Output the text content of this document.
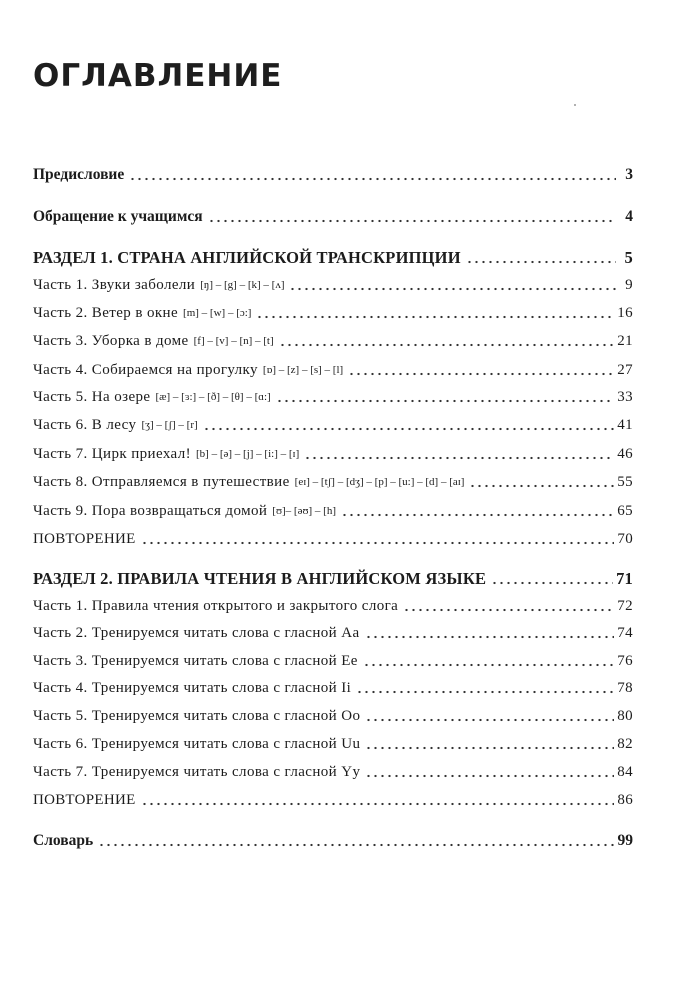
ОГЛАВЛЕНИЕ
Предисловие	3
Обращение к учащимся	4
РАЗДЕЛ 1. СТРАНА АНГЛИЙСКОЙ ТРАНСКРИПЦИИ	5
Часть 1. Звуки заболели [ŋ] – [g] – [k] – [ʌ]	9
Часть 2. Ветер в окне [m] – [w] – [ɔ:]	16
Часть 3. Уборка в доме [f] – [v] – [n] – [t]	21
Часть 4. Собираемся на прогулку [ɒ] – [z] – [s] – [l]	27
Часть 5. На озере [æ] – [ɜ:] – [ð] – [θ] – [ɑ:]	33
Часть 6. В лесу [ʒ] – [ʃ] – [r]	41
Часть 7. Цирк приехал! [b] – [ə] – [j] – [i:] – [ɪ]	46
Часть 8. Отправляемся в путешествие [eɪ] – [tʃ] – [dʒ] – [p] – [u:] – [d] – [aɪ]	55
Часть 9. Пора возвращаться домой [ʊ]– [əʊ] – [h]	65
ПОВТОРЕНИЕ	70
РАЗДЕЛ 2. ПРАВИЛА ЧТЕНИЯ В АНГЛИЙСКОМ ЯЗЫКЕ	71
Часть 1. Правила чтения открытого и закрытого слога	72
Часть 2. Тренируемся читать слова с гласной Aa	74
Часть 3. Тренируемся читать слова с гласной Ee	76
Часть 4. Тренируемся читать слова с гласной Ii	78
Часть 5. Тренируемся читать слова с гласной Oo	80
Часть 6. Тренируемся читать слова с гласной Uu	82
Часть 7. Тренируемся читать слова с гласной Yy	84
ПОВТОРЕНИЕ	86
Словарь	99
